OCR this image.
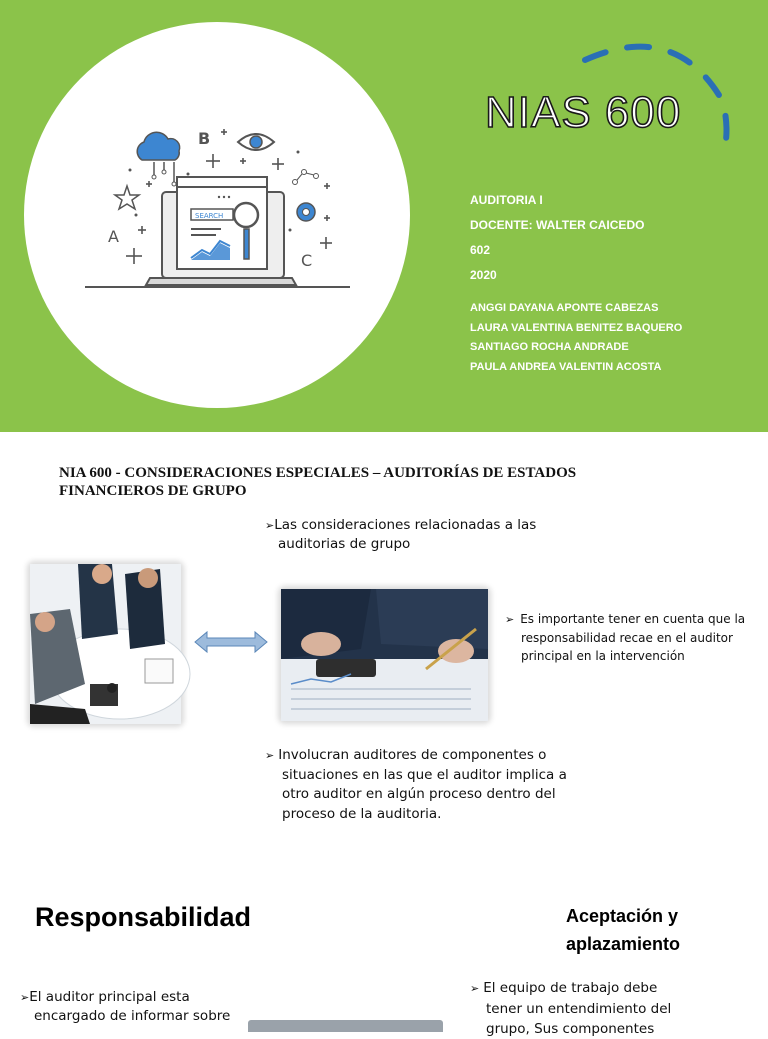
SEARCH
B
A
C
NIAS 600
AUDITORIA I
DOCENTE: WALTER CAICEDO
602
2020
ANGGI DAYANA APONTE CABEZAS
LAURA VALENTINA BENITEZ BAQUERO
SANTIAGO ROCHA ANDRADE
PAULA ANDREA VALENTIN ACOSTA
NIA 600 - CONSIDERACIONES ESPECIALES – AUDITORÍAS DE ESTADOS FINANCIEROS DE GRUPO
➢Las consideraciones relacionadas a las
auditorias de grupo
➢ Es importante tener en cuenta que la
responsabilidad recae en el auditor
principal en la intervención
➢ Involucran auditores de componentes o
situaciones en las que el auditor implica a
otro auditor en algún proceso dentro del
proceso de la auditoria.
Responsabilidad	Aceptación y
aplazamiento
➢El auditor principal esta
encargado de informar sobre
➢ El equipo de trabajo debe
tener un entendimiento del
grupo, Sus componentes
